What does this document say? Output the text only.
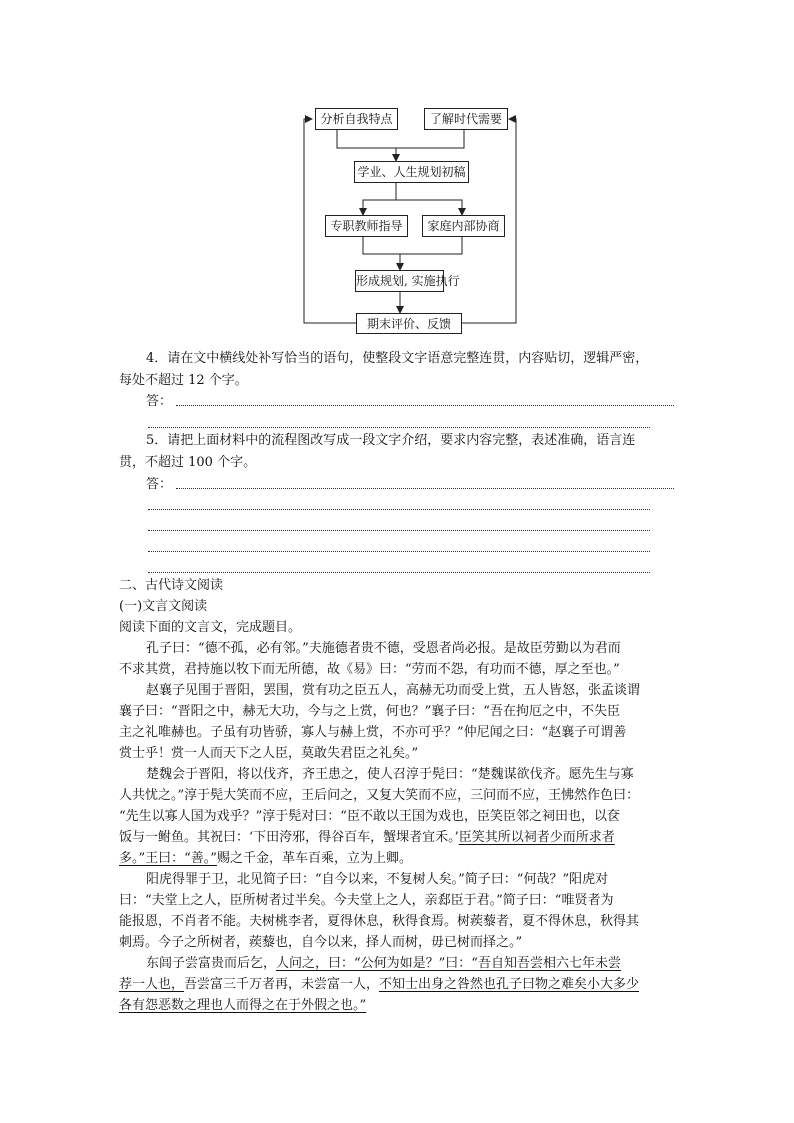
分析自我特点	了解时代需要
学业、人生规划初稿
专职教师指导	家庭内部协商
形成规划, 实施执行
期末评价、反馈
4．请在文中横线处补写恰当的语句，使整段文字语意完整连贯，内容贴切，逻辑严密，
每处不超过 12 个字。
答：
5．请把上面材料中的流程图改写成一段文字介绍，要求内容完整，表述准确，语言连
贯，不超过 100 个字。
答：
二、古代诗文阅读
(一)文言文阅读
阅读下面的文言文，完成题目。
孔子曰：“德不孤，必有邻。”夫施德者贵不德，受恩者尚必报。是故臣劳勤以为君而
不求其赏，君持施以牧下而无所德，故《易》曰：“劳而不怨，有功而不德，厚之至也。”
赵襄子见围于晋阳，罢围，赏有功之臣五人，高赫无功而受上赏，五人皆怒，张孟谈谓
襄子曰：“晋阳之中，赫无大功，今与之上赏，何也？”襄子曰：“吾在拘厄之中，不失臣
主之礼唯赫也。子虽有功皆骄，寡人与赫上赏，不亦可乎？”仲尼闻之曰：“赵襄子可谓善
赏士乎！赏一人而天下之人臣，莫敢失君臣之礼矣。”
楚魏会于晋阳，将以伐齐，齐王患之，使人召淳于髡曰：“楚魏谋欲伐齐。愿先生与寡
人共忧之。”淳于髡大笑而不应，王后问之，又复大笑而不应，三问而不应，王怫然作色曰：
“先生以寡人国为戏乎？”淳于髡对曰：“臣不敢以王国为戏也，臣笑臣邻之祠田也，以奁
饭与一鲋鱼。其祝曰：‘下田洿邪，得谷百车，蟹堁者宜禾。’臣笑其所以祠者少而所求者
多。”王曰：“善。”赐之千金，革车百乘，立为上卿。
阳虎得罪于卫，北见简子曰：“自今以来，不复树人矣。”简子曰：“何哉？”阳虎对
曰：“夫堂上之人，臣所树者过半矣。今夫堂上之人，亲郄臣于君。”简子曰：“唯贤者为
能报恩，不肖者不能。夫树桃李者，夏得休息，秋得食焉。树蒺藜者，夏不得休息，秋得其
刺焉。今子之所树者，蒺藜也，自今以来，择人而树，毋已树而择之。”
东闾子尝富贵而后乞，人问之，曰：“公何为如是？”曰：“吾自知吾尝相六七年未尝
荐一人也，吾尝富三千万者再，未尝富一人，不知士出身之咎然也孔子曰物之难矣小大多少
各有怨恶数之理也人而得之在于外假之也。”
